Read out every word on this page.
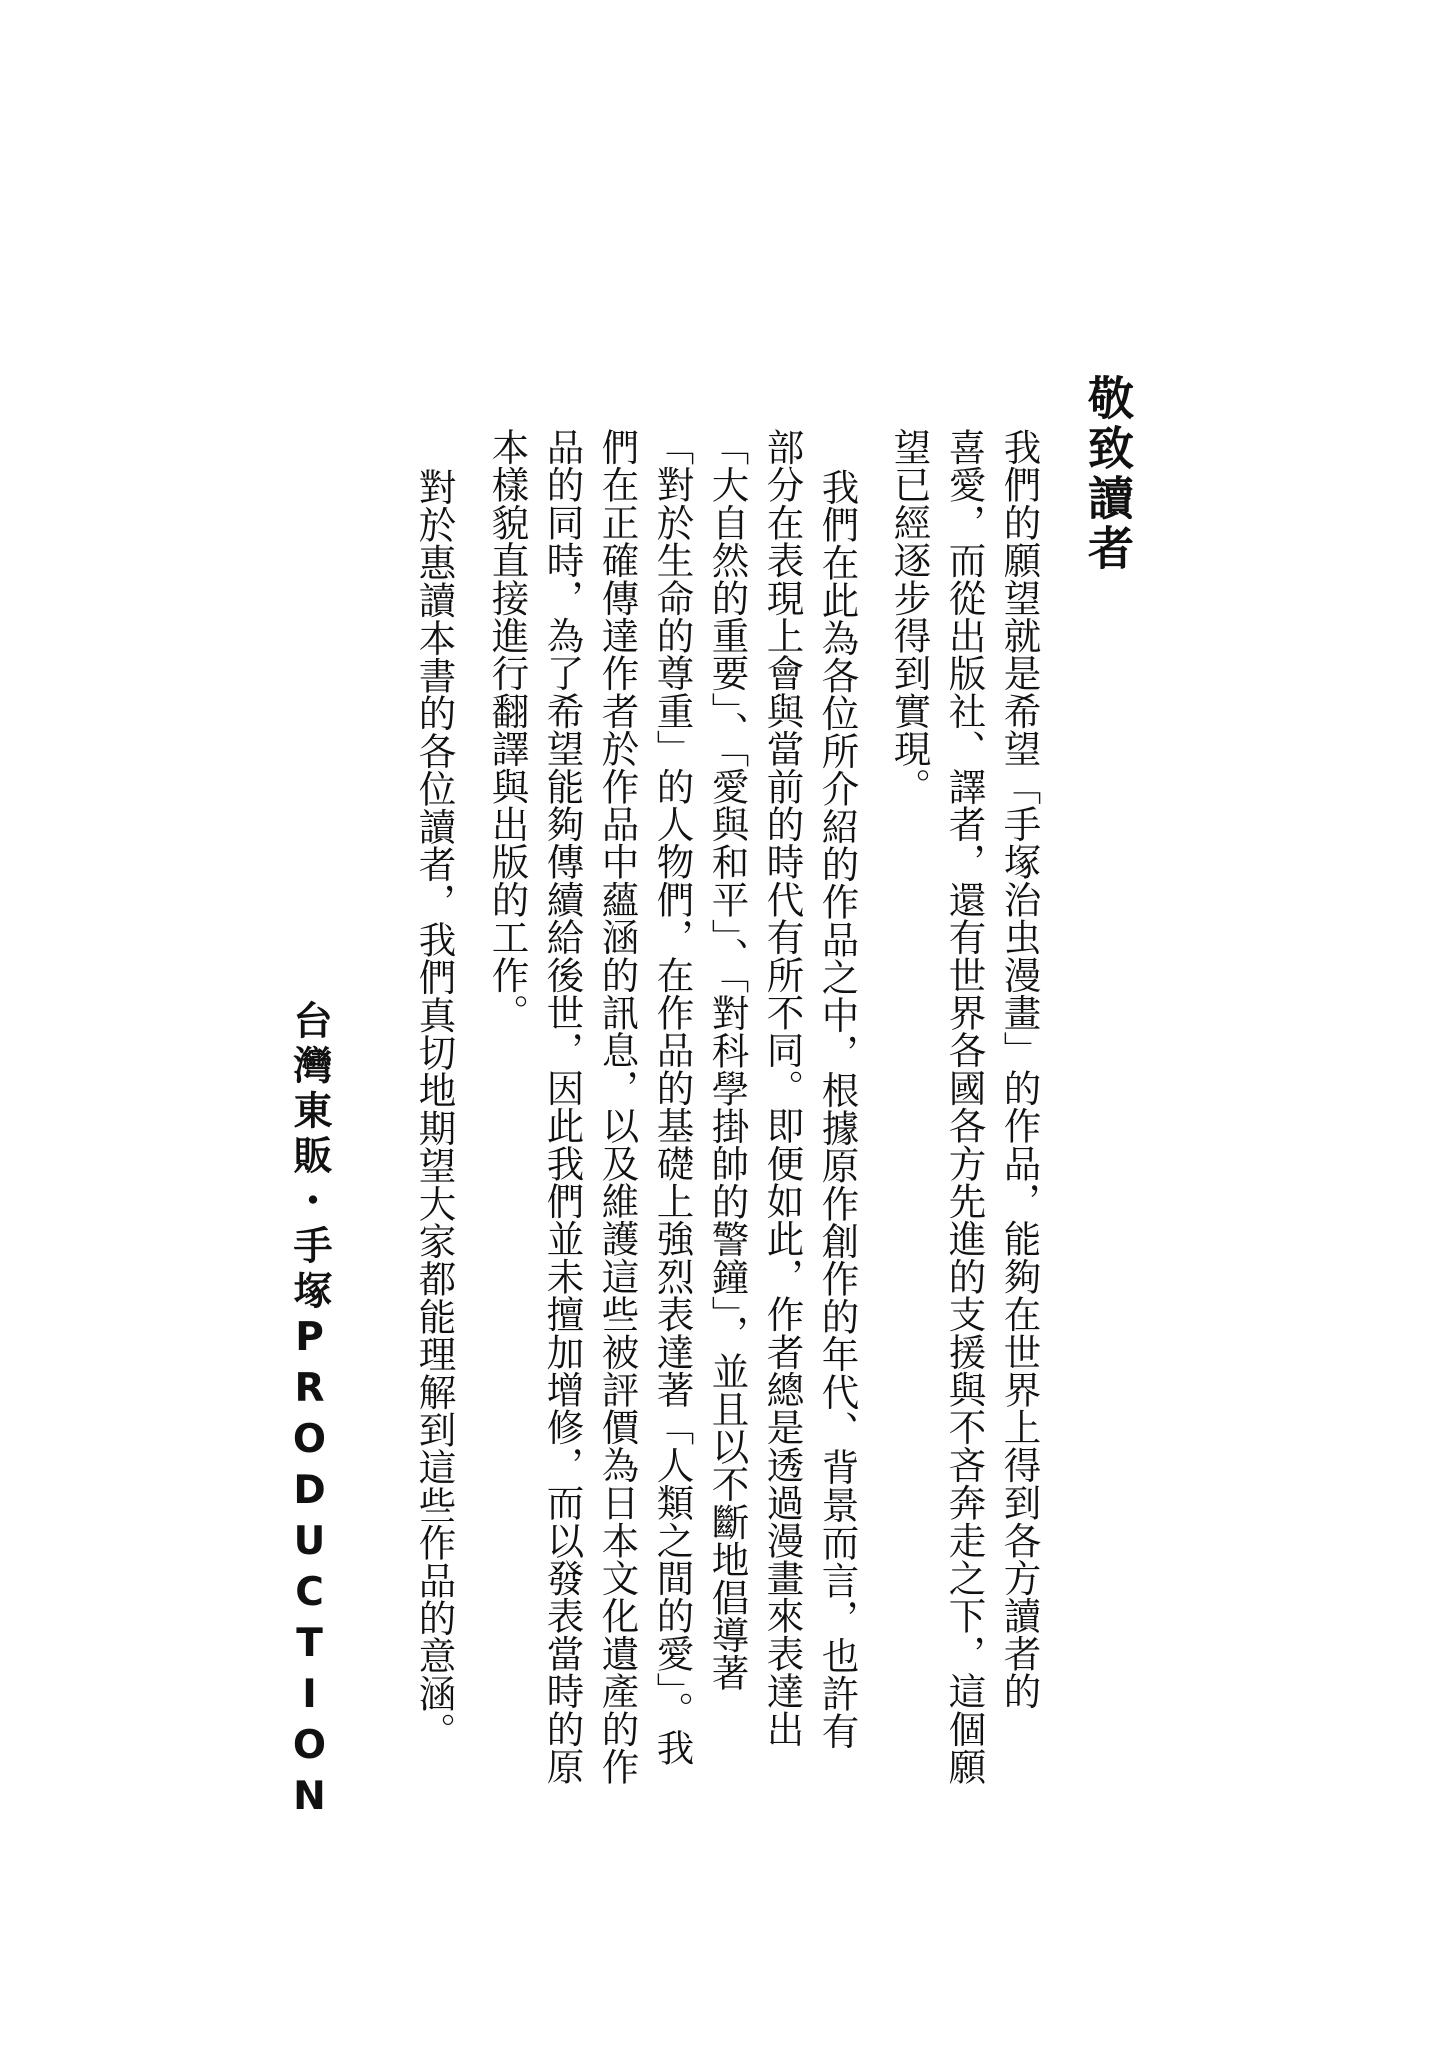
敬致讀者
我們的願望就是希望「手塚治虫漫畫」的作品，能夠在世界上得到各方讀者的
喜愛，而從出版社、譯者，還有世界各國各方先進的支援與不吝奔走之下，這個願
望已經逐步得到實現。
我們在此為各位所介紹的作品之中，根據原作創作的年代、背景而言，也許有
部分在表現上會與當前的時代有所不同。即便如此，作者總是透過漫畫來表達出
「大自然的重要」、「愛與和平」、「對科學掛帥的警鐘」，並且以不斷地倡導著
「對於生命的尊重」的人物們，在作品的基礎上強烈表達著「人類之間的愛」。我
們在正確傳達作者於作品中蘊涵的訊息，以及維護這些被評價為日本文化遺產的作
品的同時，為了希望能夠傳續給後世，因此我們並未擅加增修，而以發表當時的原
本樣貌直接進行翻譯與出版的工作。
對於惠讀本書的各位讀者，我們真切地期望大家都能理解到這些作品的意涵。
台灣東販・手塚PRODUCTION
